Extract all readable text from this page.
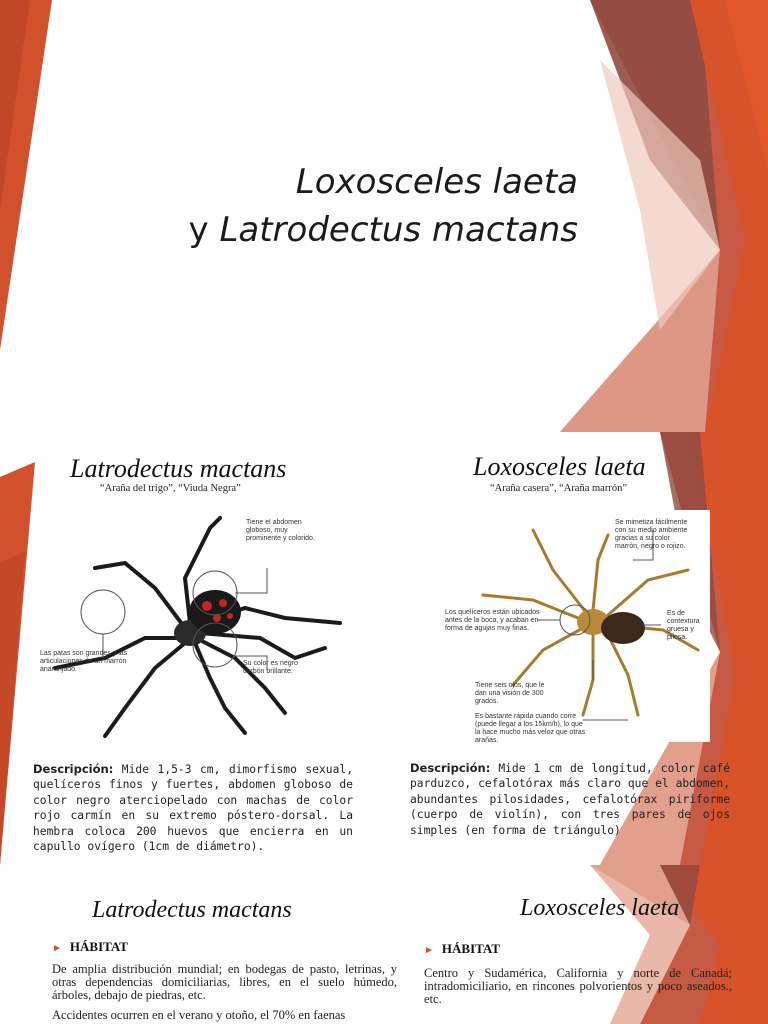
Loxosceles laeta
y Latrodectus mactans
Latrodectus mactans
“Araña del trigo”, “Viuda Negra”
Tiene el abdomen globoso, muy prominente y colorido.
Las patas son grandes y las articulaciones de un marrón anaranjado.
Su color es negro carbón brillante.
Descripción: Mide 1,5-3 cm, dimorfismo sexual, quelíceros finos y fuertes, abdomen globoso de color negro aterciopelado con machas de color rojo carmín en su extremo póstero-dorsal. La hembra coloca 200 huevos que encierra en un capullo ovígero (1cm de diámetro).
Loxosceles laeta
“Araña casera”, “Araña marrón”
Se mimetiza fácilmente con su medio ambiente gracias a su color marrón, negro o rojizo.
Los quelíceros están ubicados antes de la boca, y acaban en forma de agujas muy finas.
Es de contextura gruesa y pilosa.
Tiene seis ojos, que le dan una visión de 300 grados.
Es bastante rápida cuando corre (puede llegar a los 15km/h), lo que la hace mucho más veloz que otras arañas.
Descripción: Mide 1 cm de longitud, color café parduzco, cefalotórax más claro que el abdomen, abundantes pilosidades, cefalotórax piriforme (cuerpo de violín), con tres pares de ojos simples (en forma de triángulo)
Latrodectus mactans
► HÁBITAT
De amplia distribución mundial; en bodegas de pasto, letrinas, y otras dependencias domiciliarias, libres, en el suelo húmedo, árboles, debajo de piedras, etc.
Accidentes ocurren en el verano y otoño, el 70% en faenas
Loxosceles laeta
► HÁBITAT
Centro y Sudamérica, California y norte de Canadá; intradomiciliario, en rincones polvorientos y poco aseados., etc.
